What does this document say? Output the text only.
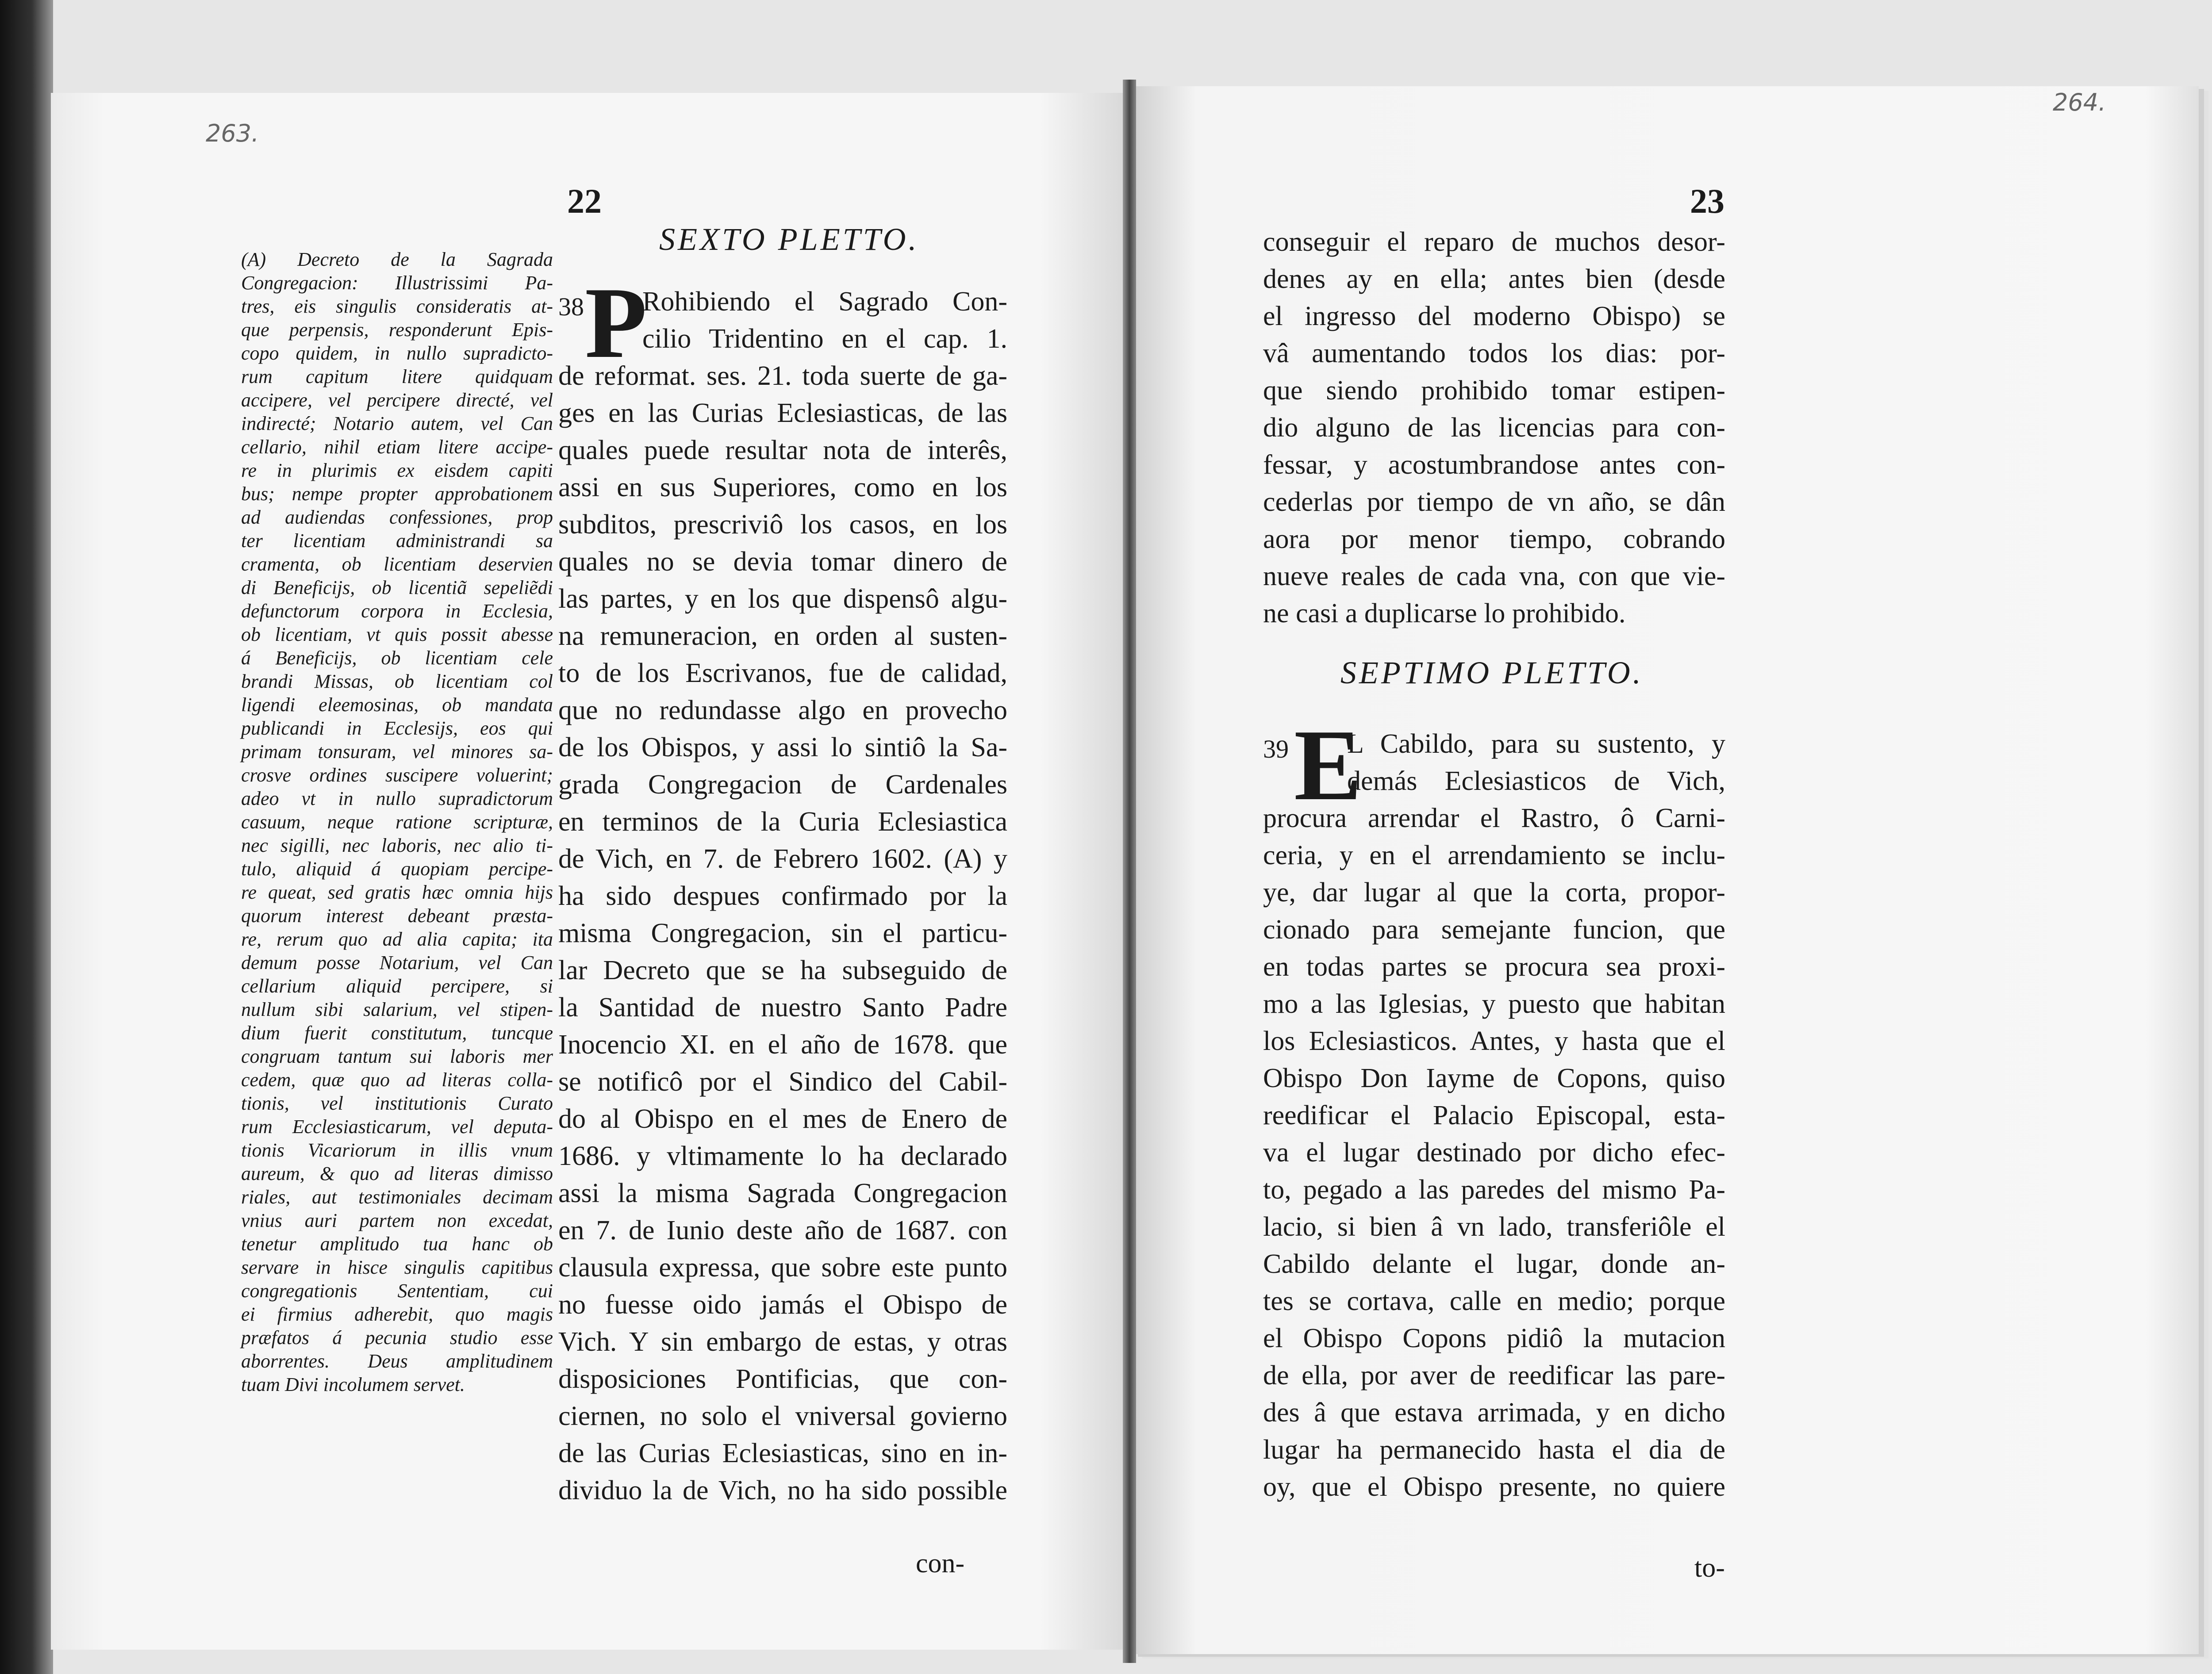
263.
264.
22
SEXTO PLETTO.
(A) Decreto de la Sagrada
Congregacion: Illustrissimi Pa-
tres, eis singulis consideratis at-
que perpensis, responderunt Epis-
copo quidem, in nullo supradicto-
rum capitum litere quidquam
accipere, vel percipere directé, vel
indirecté; Notario autem, vel Can
cellario, nihil etiam litere accipe-
re in plurimis ex eisdem capiti
bus; nempe propter approbationem
ad audiendas confessiones, prop
ter licentiam administrandi sa
cramenta, ob licentiam deservien
di Beneficijs, ob licentiã sepeliẽdi
defunctorum corpora in Ecclesia,
ob licentiam, vt quis possit abesse
á Beneficijs, ob licentiam cele
brandi Missas, ob licentiam col
ligendi eleemosinas, ob mandata
publicandi in Ecclesijs, eos qui
primam tonsuram, vel minores sa-
crosve ordines suscipere voluerint;
adeo vt in nullo supradictorum
casuum, neque ratione scripturæ,
nec sigilli, nec laboris, nec alio ti-
tulo, aliquid á quopiam percipe-
re queat, sed gratis hæc omnia hijs
quorum interest debeant præsta-
re, rerum quo ad alia capita; ita
demum posse Notarium, vel Can
cellarium aliquid percipere, si
nullum sibi salarium, vel stipen-
dium fuerit constitutum, tuncque
congruam tantum sui laboris mer
cedem, quæ quo ad literas colla-
tionis, vel institutionis Curato
rum Ecclesiasticarum, vel deputa-
tionis Vicariorum in illis vnum
aureum, & quo ad literas dimisso
riales, aut testimoniales decimam
vnius auri partem non excedat,
tenetur amplitudo tua hanc ob
servare in hisce singulis capitibus
congregationis Sententiam, cui
ei firmius adherebit, quo magis
præfatos á pecunia studio esse
aborrentes. Deus amplitudinem
tuam Divi incolumem servet.
38 P
Rohibiendo el Sagrado Con-
cilio Tridentino en el cap. 1.
de reformat. ses. 21. toda suerte de ga-
ges en las Curias Eclesiasticas, de las
quales puede resultar nota de interês,
assi en sus Superiores, como en los
subditos, prescriviô los casos, en los
quales no se devia tomar dinero de
las partes, y en los que dispensô algu-
na remuneracion, en orden al susten-
to de los Escrivanos, fue de calidad,
que no redundasse algo en provecho
de los Obispos, y assi lo sintiô la Sa-
grada Congregacion de Cardenales
en terminos de la Curia Eclesiastica
de Vich, en 7. de Febrero 1602. (A) y
ha sido despues confirmado por la
misma Congregacion, sin el particu-
lar Decreto que se ha subseguido de
la Santidad de nuestro Santo Padre
Inocencio XI. en el año de 1678. que
se notificô por el Sindico del Cabil-
do al Obispo en el mes de Enero de
1686. y vltimamente lo ha declarado
assi la misma Sagrada Congregacion
en 7. de Iunio deste año de 1687. con
clausula expressa, que sobre este punto
no fuesse oido jamás el Obispo de
Vich. Y sin embargo de estas, y otras
disposiciones Pontificias, que con-
ciernen, no solo el vniversal govierno
de las Curias Eclesiasticas, sino en in-
dividuo la de Vich, no ha sido possible
con-
23
conseguir el reparo de muchos desor-
denes ay en ella; antes bien (desde
el ingresso del moderno Obispo) se
vâ aumentando todos los dias: por-
que siendo prohibido tomar estipen-
dio alguno de las licencias para con-
fessar, y acostumbrandose antes con-
cederlas por tiempo de vn año, se dân
aora por menor tiempo, cobrando
nueve reales de cada vna, con que vie-
ne casi a duplicarse lo prohibido.
SEPTIMO PLETTO.
39 E
L Cabildo, para su sustento, y
demás Eclesiasticos de Vich,
procura arrendar el Rastro, ô Carni-
ceria, y en el arrendamiento se inclu-
ye, dar lugar al que la corta, propor-
cionado para semejante funcion, que
en todas partes se procura sea proxi-
mo a las Iglesias, y puesto que habitan
los Eclesiasticos. Antes, y hasta que el
Obispo Don Iayme de Copons, quiso
reedificar el Palacio Episcopal, esta-
va el lugar destinado por dicho efec-
to, pegado a las paredes del mismo Pa-
lacio, si bien â vn lado, transferiôle el
Cabildo delante el lugar, donde an-
tes se cortava, calle en medio; porque
el Obispo Copons pidiô la mutacion
de ella, por aver de reedificar las pare-
des â que estava arrimada, y en dicho
lugar ha permanecido hasta el dia de
oy, que el Obispo presente, no quiere
to-
